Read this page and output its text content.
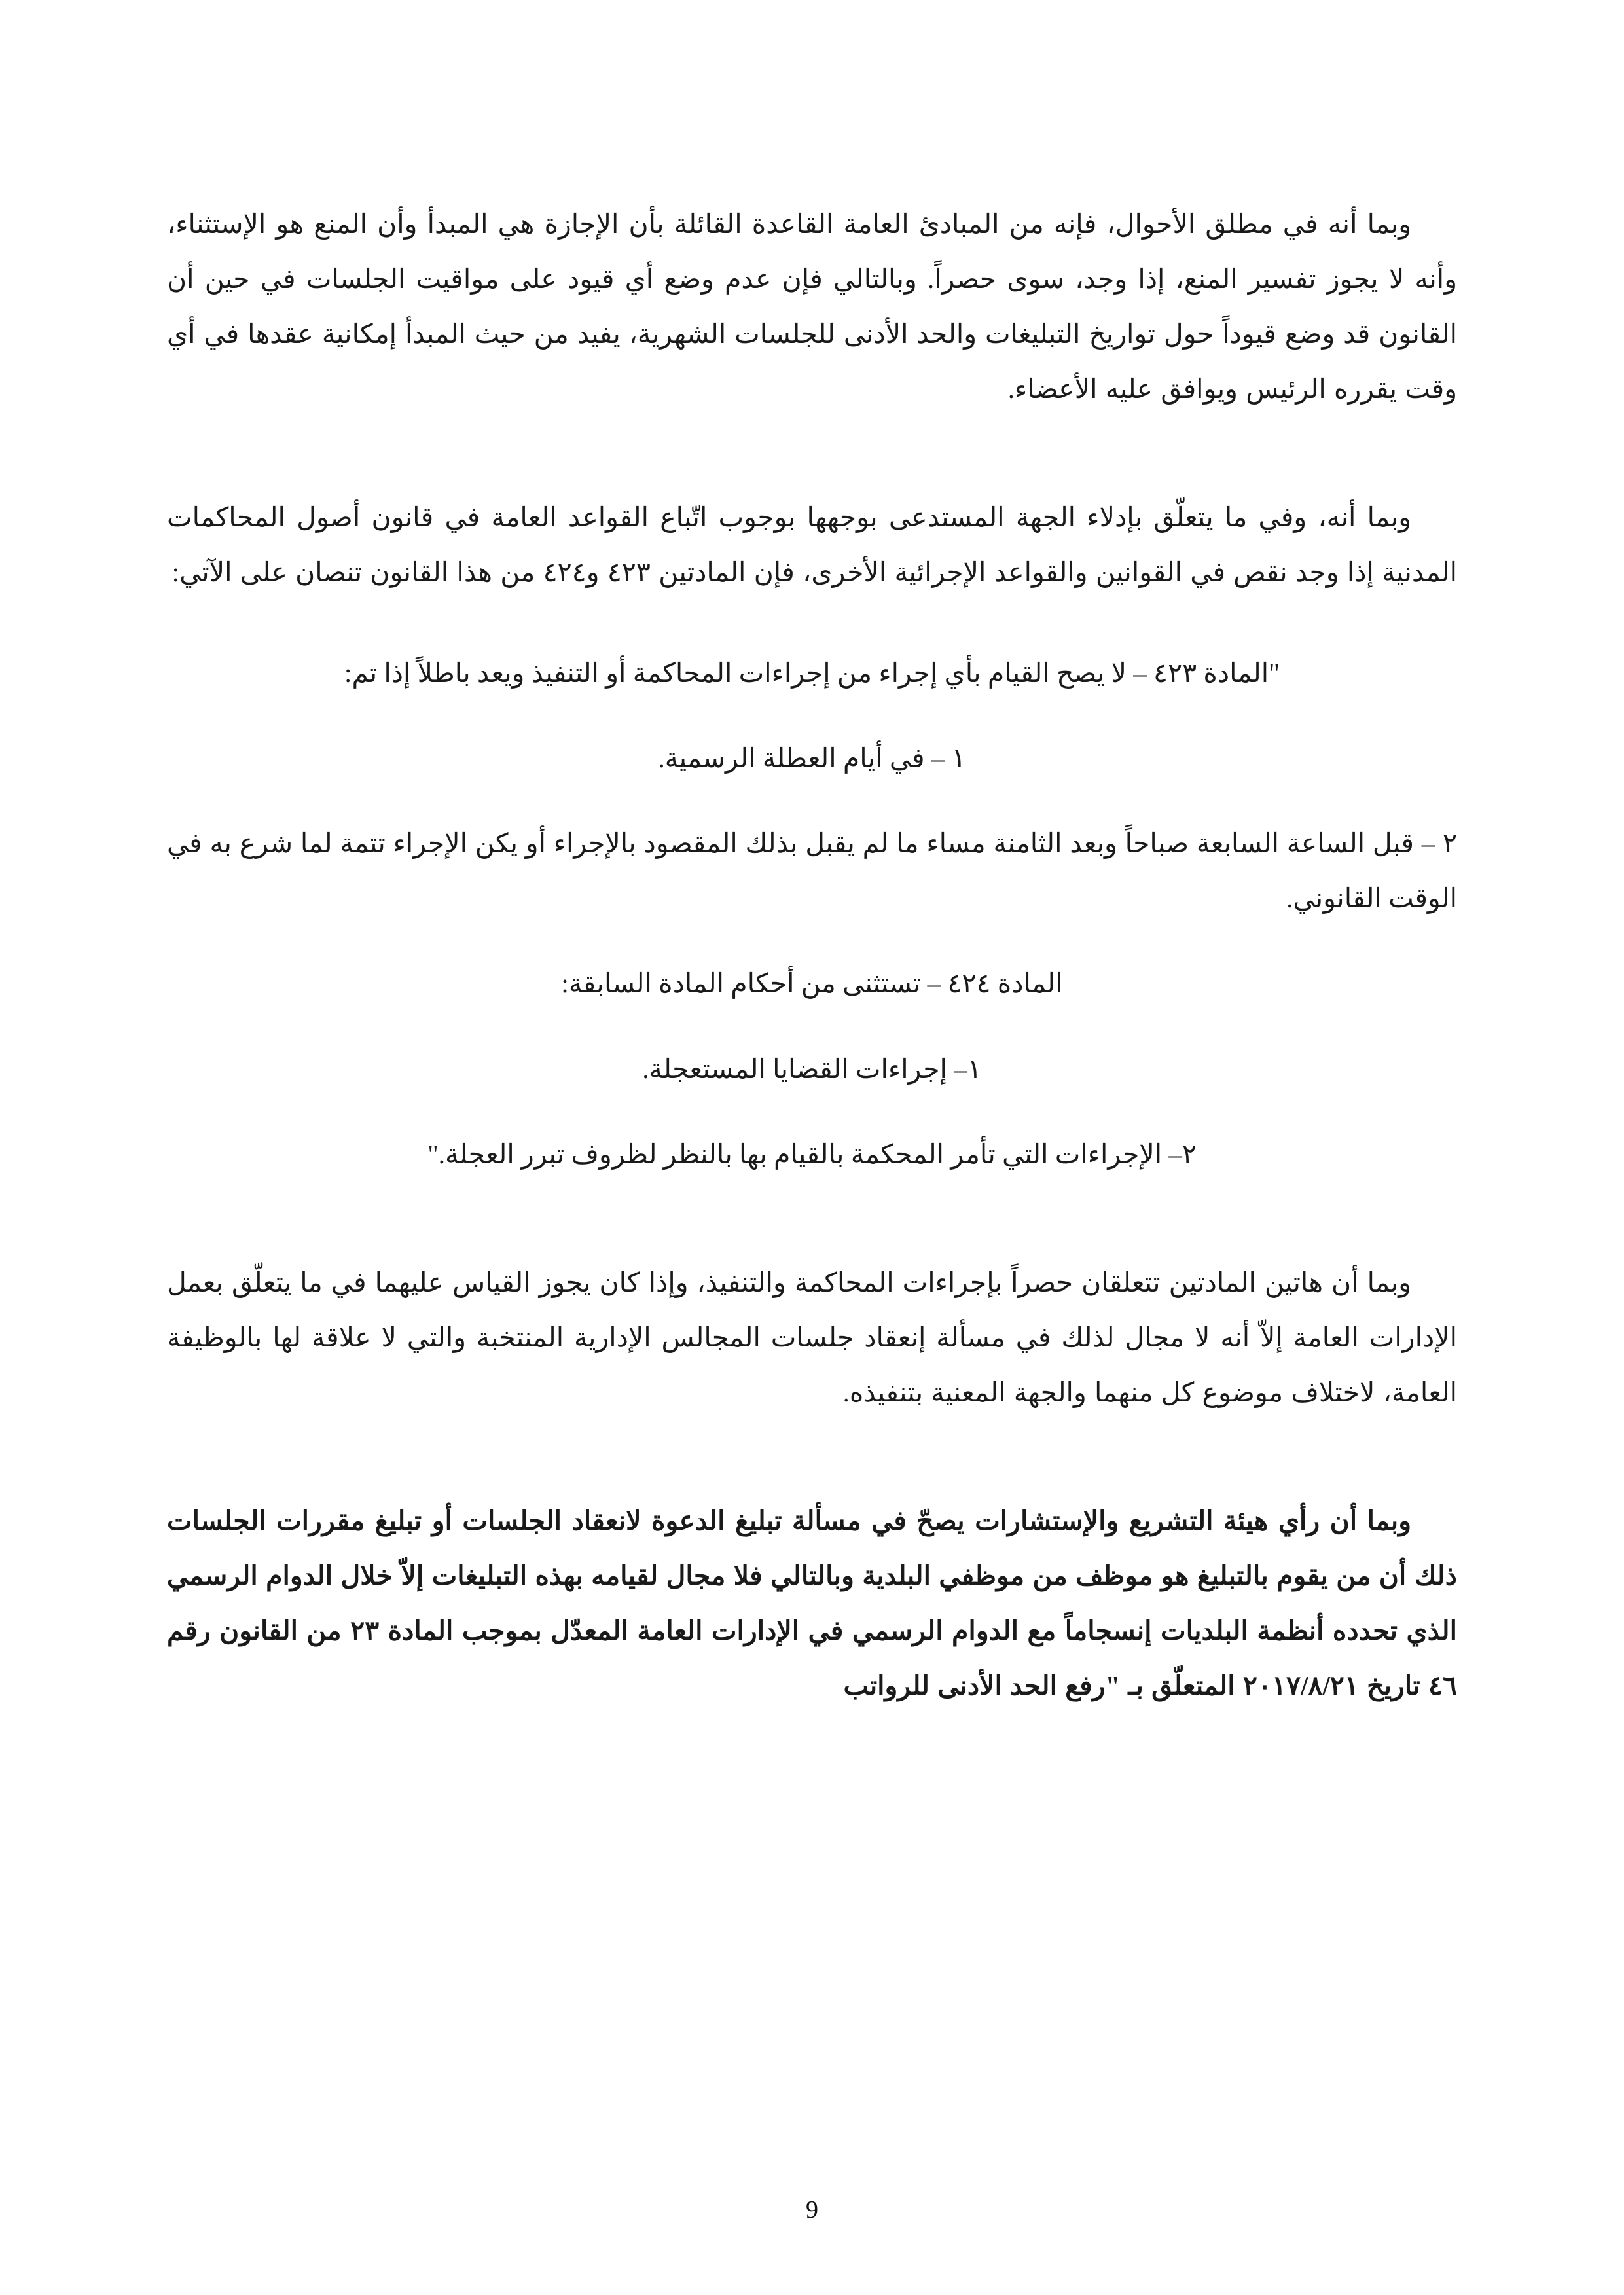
وبما أنه في مطلق الأحوال، فإنه من المبادئ العامة القاعدة القائلة بأن الإجازة هي المبدأ وأن المنع هو الإستثناء، وأنه لا يجوز تفسير المنع، إذا وجد، سوى حصراً. وبالتالي فإن عدم وضع أي قيود على مواقيت الجلسات في حين أن القانون قد وضع قيوداً حول تواريخ التبليغات والحد الأدنى للجلسات الشهرية، يفيد من حيث المبدأ إمكانية عقدها في أي وقت يقرره الرئيس ويوافق عليه الأعضاء.

وبما أنه، وفي ما يتعلّق بإدلاء الجهة المستدعى بوجهها بوجوب اتّباع القواعد العامة في قانون أصول المحاكمات المدنية إذا وجد نقص في القوانين والقواعد الإجرائية الأخرى، فإن المادتين ٤٢٣ و٤٢٤ من هذا القانون تنصان على الآتي:

"المادة ٤٢٣ – لا يصح القيام بأي إجراء من إجراءات المحاكمة أو التنفيذ ويعد باطلاً إذا تم:

١ – في أيام العطلة الرسمية.

٢ – قبل الساعة السابعة صباحاً وبعد الثامنة مساء ما لم يقبل بذلك المقصود بالإجراء أو يكن الإجراء تتمة لما شرع به في الوقت القانوني.

المادة ٤٢٤ – تستثنى من أحكام المادة السابقة:

١– إجراءات القضايا المستعجلة.

٢– الإجراءات التي تأمر المحكمة بالقيام بها بالنظر لظروف تبرر العجلة."

وبما أن هاتين المادتين تتعلقان حصراً بإجراءات المحاكمة والتنفيذ، وإذا كان يجوز القياس عليهما في ما يتعلّق بعمل الإدارات العامة إلاّ أنه لا مجال لذلك في مسألة إنعقاد جلسات المجالس الإدارية المنتخبة والتي لا علاقة لها بالوظيفة العامة، لاختلاف موضوع كل منهما والجهة المعنية بتنفيذه.

وبما أن رأي هيئة التشريع والإستشارات يصحّ في مسألة تبليغ الدعوة لانعقاد الجلسات أو تبليغ مقررات الجلسات ذلك أن من يقوم بالتبليغ هو موظف من موظفي البلدية وبالتالي فلا مجال لقيامه بهذه التبليغات إلاّ خلال الدوام الرسمي الذي تحدده أنظمة البلديات إنسجاماً مع الدوام الرسمي في الإدارات العامة المعدّل بموجب المادة ٢٣ من القانون رقم ٤٦ تاريخ ٢٠١٧/٨/٢١ المتعلّق بـ "رفع الحد الأدنى للرواتب

9
